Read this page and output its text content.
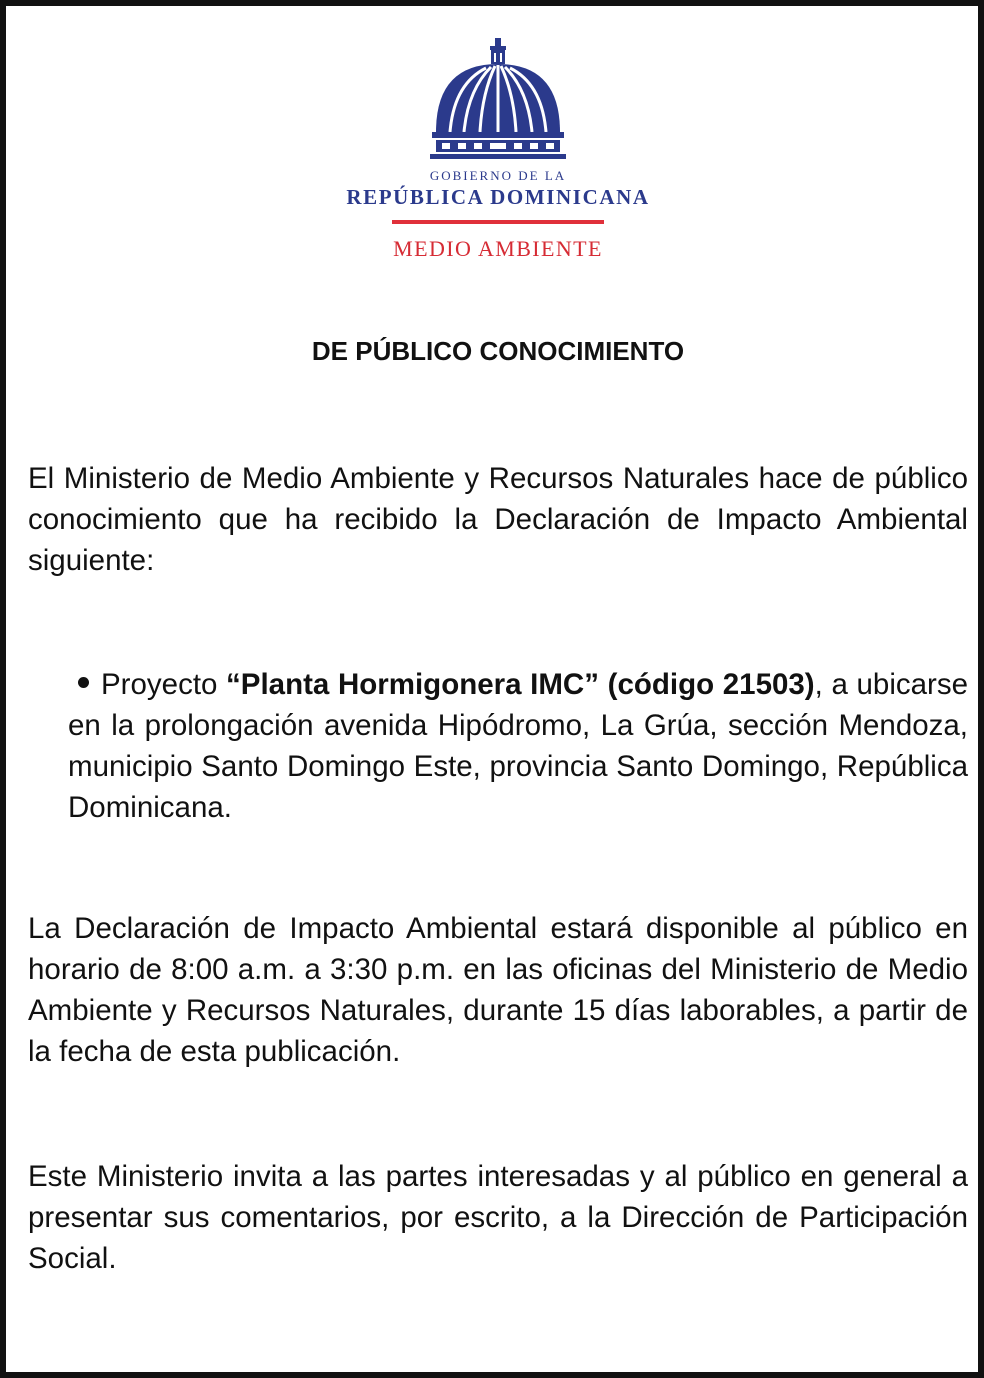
GOBIERNO DE LA
REPÚBLICA DOMINICANA
MEDIO AMBIENTE
DE PÚBLICO CONOCIMIENTO
El Ministerio de Medio Ambiente y Recursos Naturales hace de público conocimiento que ha recibido la Declaración de Impacto Ambiental siguiente:
Proyecto “Planta Hormigonera IMC” (código 21503), a ubicarse en la prolongación avenida Hipódromo, La Grúa, sección Mendoza, municipio Santo Domingo Este, provincia Santo Domingo, República Dominicana.
La Declaración de Impacto Ambiental estará disponible al público en horario de 8:00 a.m. a 3:30 p.m. en las oficinas del Ministerio de Medio Ambiente y Recursos Naturales, durante 15 días laborables, a partir de la fecha de esta publicación.
Este Ministerio invita a las partes interesadas y al público en general a presentar sus comentarios, por escrito, a la Dirección de Participación Social.
